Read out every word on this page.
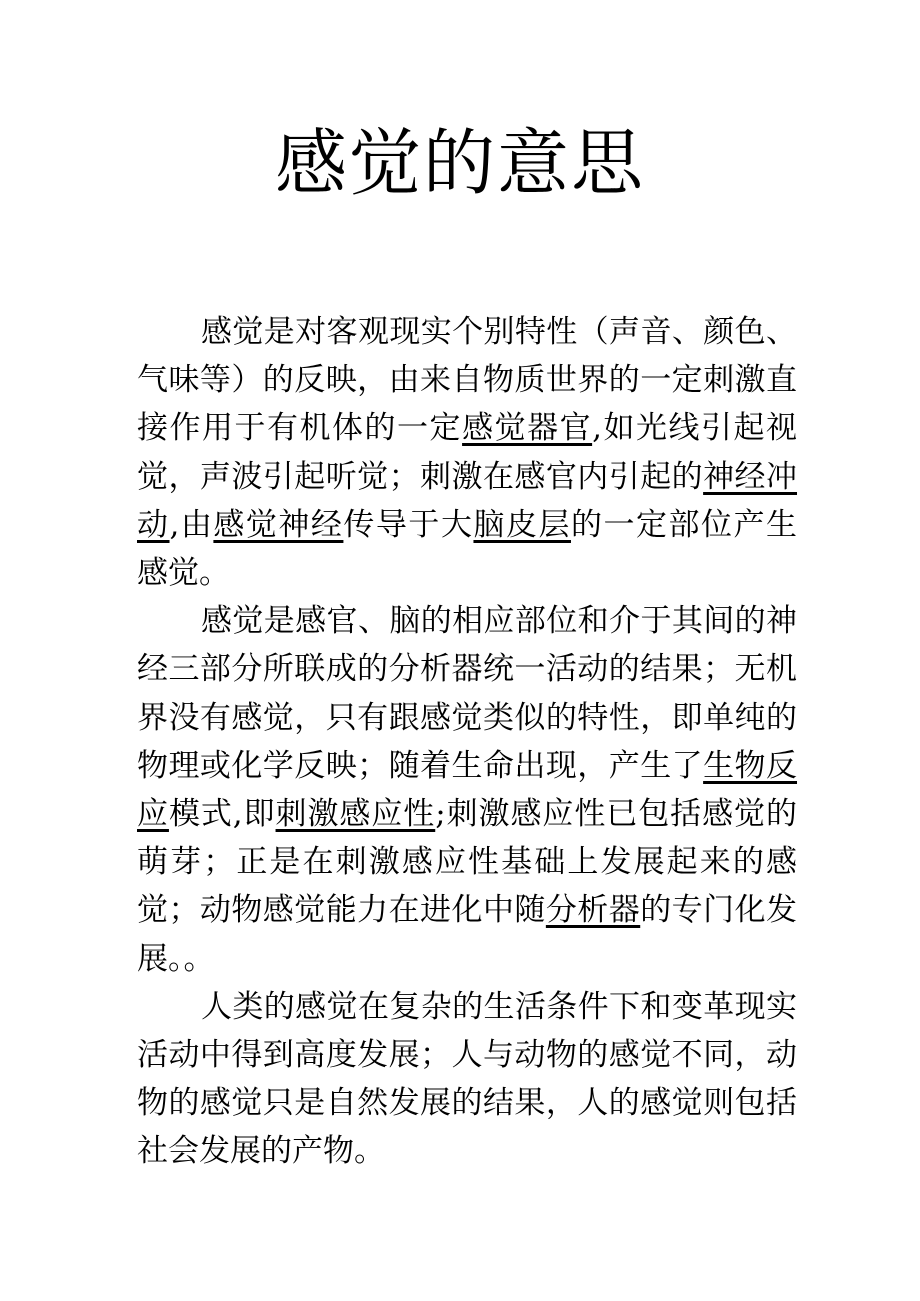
感觉的意思

感觉是对客观现实个别特性（声音、颜色、气味等）的反映，由来自物质世界的一定刺激直接作用于有机体的一定感觉器官,如光线引起视觉，声波引起听觉；刺激在感官内引起的神经冲动,由感觉神经传导于大脑皮层的一定部位产生感觉。

感觉是感官、脑的相应部位和介于其间的神经三部分所联成的分析器统一活动的结果；无机界没有感觉，只有跟感觉类似的特性，即单纯的物理或化学反映；随着生命出现，产生了生物反应模式,即刺激感应性;刺激感应性已包括感觉的萌芽；正是在刺激感应性基础上发展起来的感觉；动物感觉能力在进化中随分析器的专门化发展。。

人类的感觉在复杂的生活条件下和变革现实活动中得到高度发展；人与动物的感觉不同，动物的感觉只是自然发展的结果，人的感觉则包括社会发展的产物。
